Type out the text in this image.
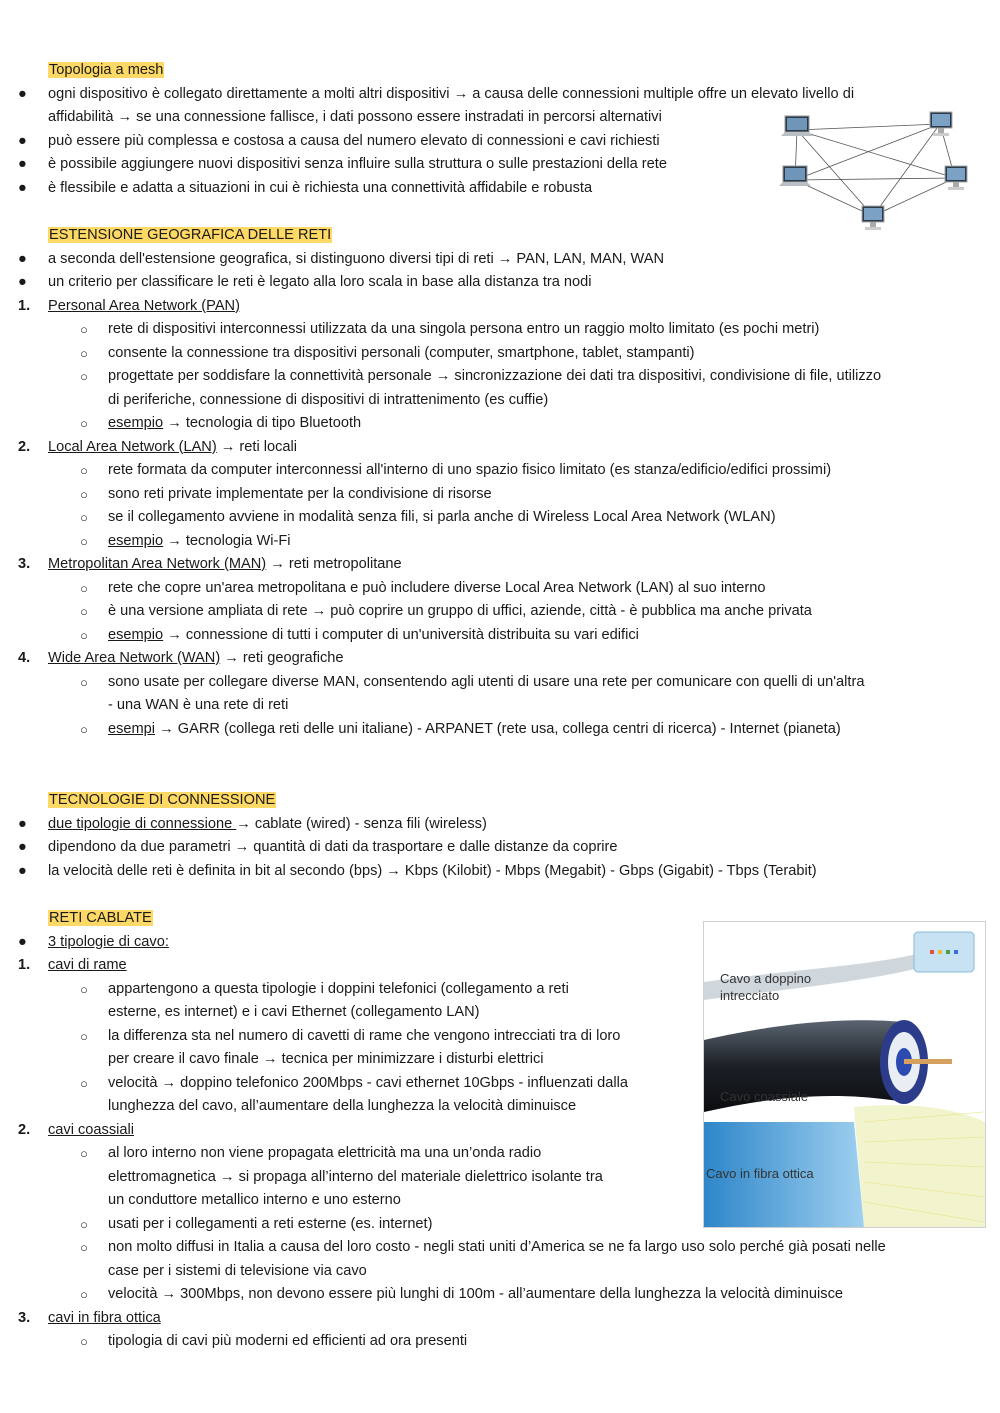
Topologia a mesh
●	ogni dispositivo è collegato direttamente a molti altri dispositivi → a causa delle connessioni multiple offre un elevato livello di affidabilità → se una connessione fallisce, i dati possono essere instradati in percorsi alternativi
●	può essere più complessa e costosa a causa del numero elevato di connessioni e cavi richiesti
●	è possibile aggiungere nuovi dispositivi senza influire sulla struttura o sulle prestazioni della rete
●	è flessibile e adatta a situazioni in cui è richiesta una connettività affidabile e robusta
ESTENSIONE GEOGRAFICA DELLE RETI
●	a seconda dell'estensione geografica, si distinguono diversi tipi di reti → PAN, LAN, MAN, WAN
●	un criterio per classificare le reti è legato alla loro scala in base alla distanza tra nodi
1.	Personal Area Network (PAN)
○ rete di dispositivi interconnessi utilizzata da una singola persona entro un raggio molto limitato (es pochi metri)
○ consente la connessione tra dispositivi personali (computer, smartphone, tablet, stampanti)
○ progettate per soddisfare la connettività personale → sincronizzazione dei dati tra dispositivi, condivisione di file, utilizzo di periferiche, connessione di dispositivi di intrattenimento (es cuffie)
○ esempio → tecnologia di tipo Bluetooth
2.	Local Area Network (LAN) → reti locali
○ rete formata da computer interconnessi all'interno di uno spazio fisico limitato (es stanza/edificio/edifici prossimi)
○ sono reti private implementate per la condivisione di risorse
○ se il collegamento avviene in modalità senza fili, si parla anche di Wireless Local Area Network (WLAN)
○ esempio → tecnologia Wi-Fi
3.	Metropolitan Area Network (MAN) → reti metropolitane
○ rete che copre un'area metropolitana e può includere diverse Local Area Network (LAN) al suo interno
○ è una versione ampliata di rete → può coprire un gruppo di uffici, aziende, città - è pubblica ma anche privata
○ esempio → connessione di tutti i computer di un'università distribuita su vari edifici
4.	Wide Area Network (WAN) → reti geografiche
○ sono usate per collegare diverse MAN, consentendo agli utenti di usare una rete per comunicare con quelli di un'altra - una WAN è una rete di reti
○ esempi → GARR (collega reti delle uni italiane) - ARPANET (rete usa, collega centri di ricerca) - Internet (pianeta)
TECNOLOGIE DI CONNESSIONE
●	due tipologie di connessione → cablate (wired) - senza fili (wireless)
●	dipendono da due parametri → quantità di dati da trasportare e dalle distanze da coprire
●	la velocità delle reti è definita in bit al secondo (bps) → Kbps (Kilobit) - Mbps (Megabit) - Gbps (Gigabit) - Tbps (Terabit)
RETI CABLATE
●	3 tipologie di cavo:
1.	cavi di rame
○ appartengono a questa tipologie i doppini telefonici (collegamento a reti esterne, es internet) e i cavi Ethernet (collegamento LAN)
○ la differenza sta nel numero di cavetti di rame che vengono intrecciati tra di loro per creare il cavo finale → tecnica per minimizzare i disturbi elettrici
○ velocità → doppino telefonico 200Mbps - cavi ethernet 10Gbps - influenzati dalla lunghezza del cavo, all’aumentare della lunghezza la velocità diminuisce
2.	cavi coassiali
○ al loro interno non viene propagata elettricità ma una un’onda radio elettromagnetica → si propaga all’interno del materiale dielettrico isolante tra un conduttore metallico interno e uno esterno
○ usati per i collegamenti a reti esterne (es. internet)
○ non molto diffusi in Italia a causa del loro costo - negli stati uniti d’America se ne fa largo uso solo perché già posati nelle case per i sistemi di televisione via cavo
○ velocità → 300Mbps, non devono essere più lunghi di 100m - all’aumentare della lunghezza la velocità diminuisce
3.	cavi in fibra ottica
○ tipologia di cavi più moderni ed efficienti ad ora presenti
Cavo a doppino
intrecciato
Cavo coassiale
Cavo in fibra ottica
